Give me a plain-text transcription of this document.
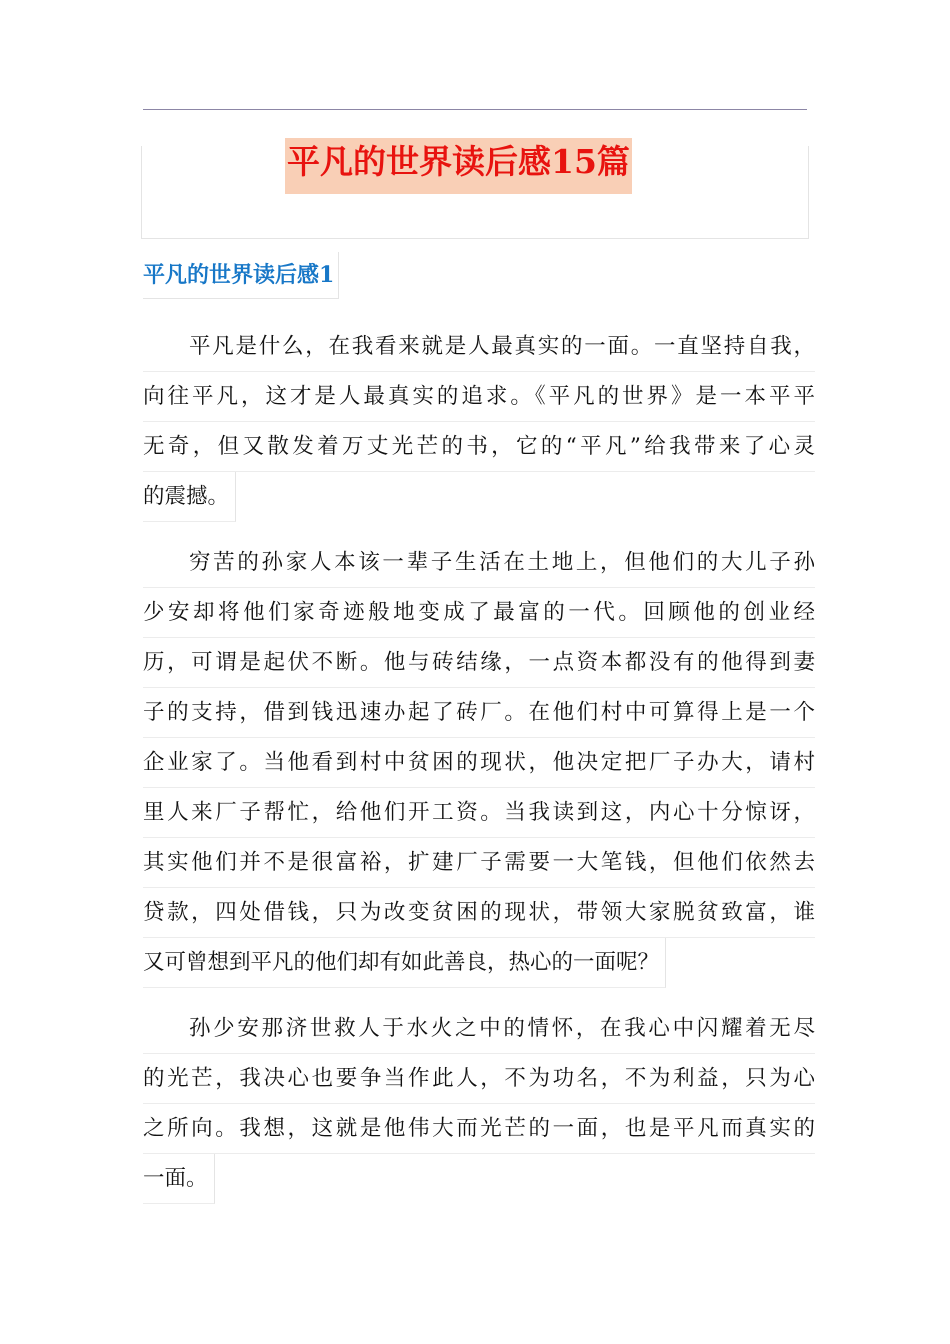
平凡的世界读后感15篇
平凡的世界读后感1
平凡是什么，在我看来就是人最真实的一面。一直坚持自我，
向往平凡，这才是人最真实的追求。《平凡的世界》是一本平平
无奇，但又散发着万丈光芒的书，它的“平凡”给我带来了心灵
的震撼。
穷苦的孙家人本该一辈子生活在土地上，但他们的大儿子孙
少安却将他们家奇迹般地变成了最富的一代。回顾他的创业经
历，可谓是起伏不断。他与砖结缘，一点资本都没有的他得到妻
子的支持，借到钱迅速办起了砖厂。在他们村中可算得上是一个
企业家了。当他看到村中贫困的现状，他决定把厂子办大，请村
里人来厂子帮忙，给他们开工资。当我读到这，内心十分惊讶，
其实他们并不是很富裕，扩建厂子需要一大笔钱，但他们依然去
贷款，四处借钱，只为改变贫困的现状，带领大家脱贫致富，谁
又可曾想到平凡的他们却有如此善良，热心的一面呢？
孙少安那济世救人于水火之中的情怀，在我心中闪耀着无尽
的光芒，我决心也要争当作此人，不为功名，不为利益，只为心
之所向。我想，这就是他伟大而光芒的一面，也是平凡而真实的
一面。
